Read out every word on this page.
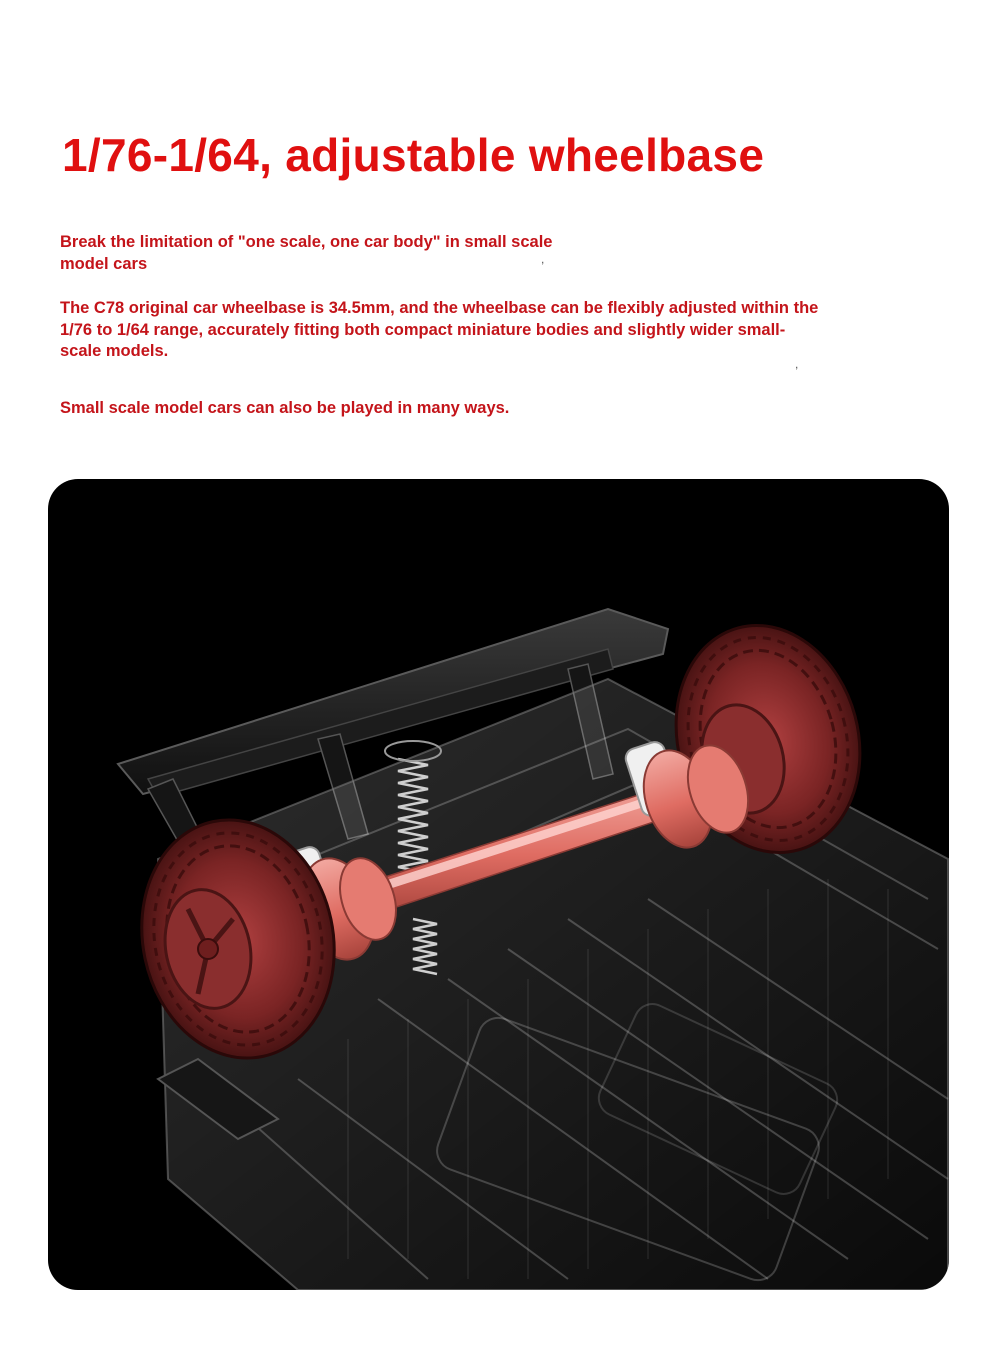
1/76-1/64, adjustable wheelbase

Break the limitation of "one scale, one car body" in small scale model cars	,

The C78 original car wheelbase is 34.5mm, and the wheelbase can be flexibly adjusted within the 1/76 to 1/64 range, accurately fitting both compact miniature bodies and slightly wider small-scale models.

,

Small scale model cars can also be played in many ways.
